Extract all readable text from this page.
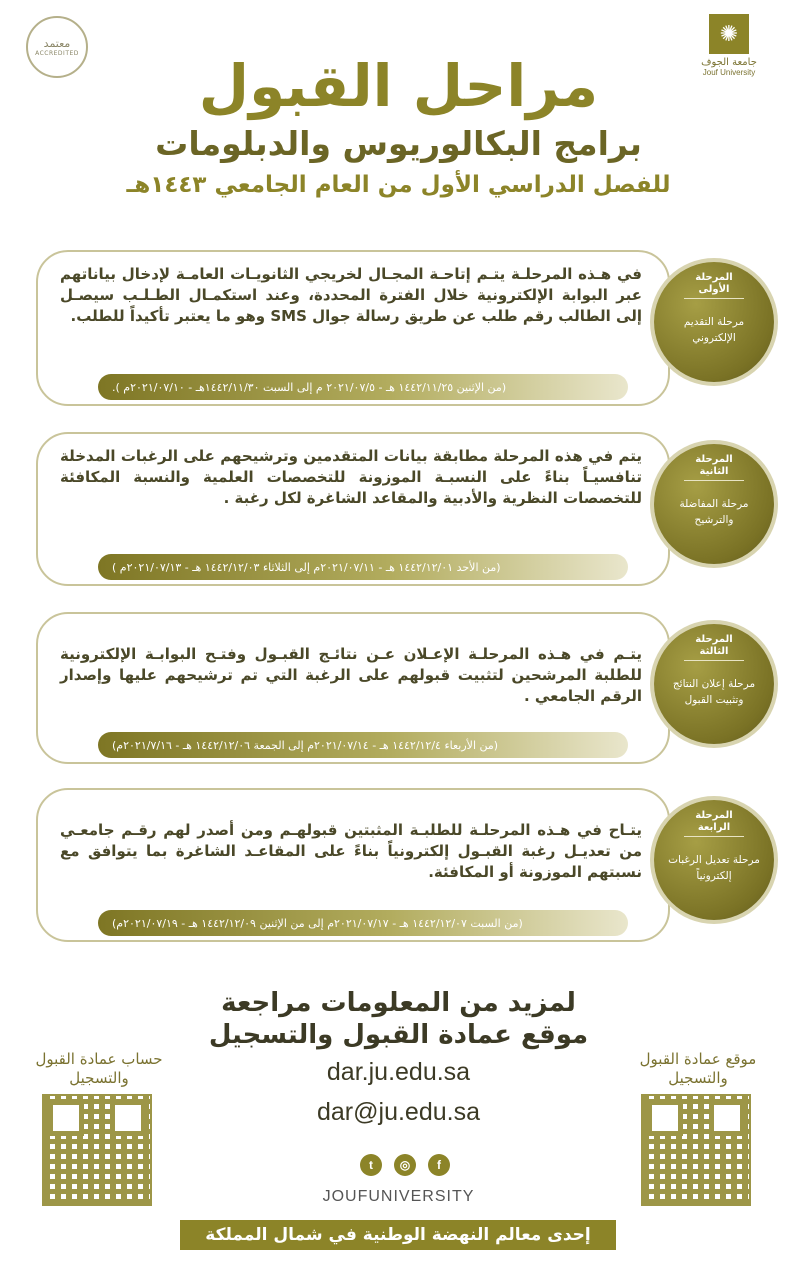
معتمد
ACCREDITED
✺
جامعة الجوف
Jouf University
مراحل القبول
برامج البكالوريوس والدبلومات
للفصل الدراسي الأول من العام الجامعي ١٤٤٣هـ
في هـذه المرحلـة يتـم إتاحـة المجـال لخريجي الثانويـات العامـة لإدخال بياناتهم عبر البوابة الإلكترونية خلال الفترة المحددة، وعند استكمـال الطـلـب سيصـل إلى الطالب رقم طلب عن طريق رسالة جوال SMS وهو ما يعتبر تأكيداً للطلب.
(من الإثنين ١٤٤٢/١١/٢٥ هـ - ٢٠٢١/٠٧/٥ م إلى السبت ١٤٤٢/١١/٣٠هـ - ٢٠٢١/٠٧/١٠م ).
المرحلة الأولى
مرحلة التقديم الإلكتروني
يتم في هذه المرحلة مطابقة بيانات المتقدمين وترشيحهم على الرغبات المدخلة تنافسيـاً بناءً على النسبـة الموزونة للتخصصات العلمية والنسبة المكافئة للتخصصات النظرية والأدبية والمقاعد الشاغرة لكل رغبة .
(من الأحد ١٤٤٢/١٢/٠١ هـ - ٢٠٢١/٠٧/١١م إلى الثلاثاء ١٤٤٢/١٢/٠٣ هـ - ٢٠٢١/٠٧/١٣م )
المرحلة الثانية
مرحلة المفاضلة والترشيح
يتـم في هـذه المرحلـة الإعـلان عـن نتائـج القبـول وفتـح البوابـة الإلكترونية للطلبة المرشحين لتثبيت قبولهم على الرغبة التي تم ترشيحهم عليها وإصدار الرقم الجامعي .
(من الأربعاء ١٤٤٢/١٢/٤ هـ - ٢٠٢١/٠٧/١٤م إلى الجمعة ١٤٤٢/١٢/٠٦ هـ - ٢٠٢١/٧/١٦م)
المرحلة الثالثة
مرحلة إعلان النتائج وتثبيت القبول
يتـاح في هـذه المرحلـة للطلبـة المثبتين قبولهـم ومن أصدر لهم رقـم جامعـي من تعديـل رغبة القبـول إلكترونياً بناءً على المقاعـد الشاغرة بما يتوافق مع نسبتهم الموزونة أو المكافئة.
(من السبت ١٤٤٢/١٢/٠٧ هـ - ٢٠٢١/٠٧/١٧م إلى من الإثنين ١٤٤٢/١٢/٠٩ هـ - ٢٠٢١/٠٧/١٩م)
المرحلة الرابعة
مرحلة تعديل الرغبات إلكترونياً
لمزيد من المعلومات مراجعة
موقع عمادة القبول والتسجيل
dar.ju.edu.sa
dar@ju.edu.sa
t	◎	f
JOUFUNIVERSITY
إحدى معالم النهضة الوطنية في شمال المملكة
حساب عمادة القبول والتسجيل
موقع عمادة القبول والتسجيل
